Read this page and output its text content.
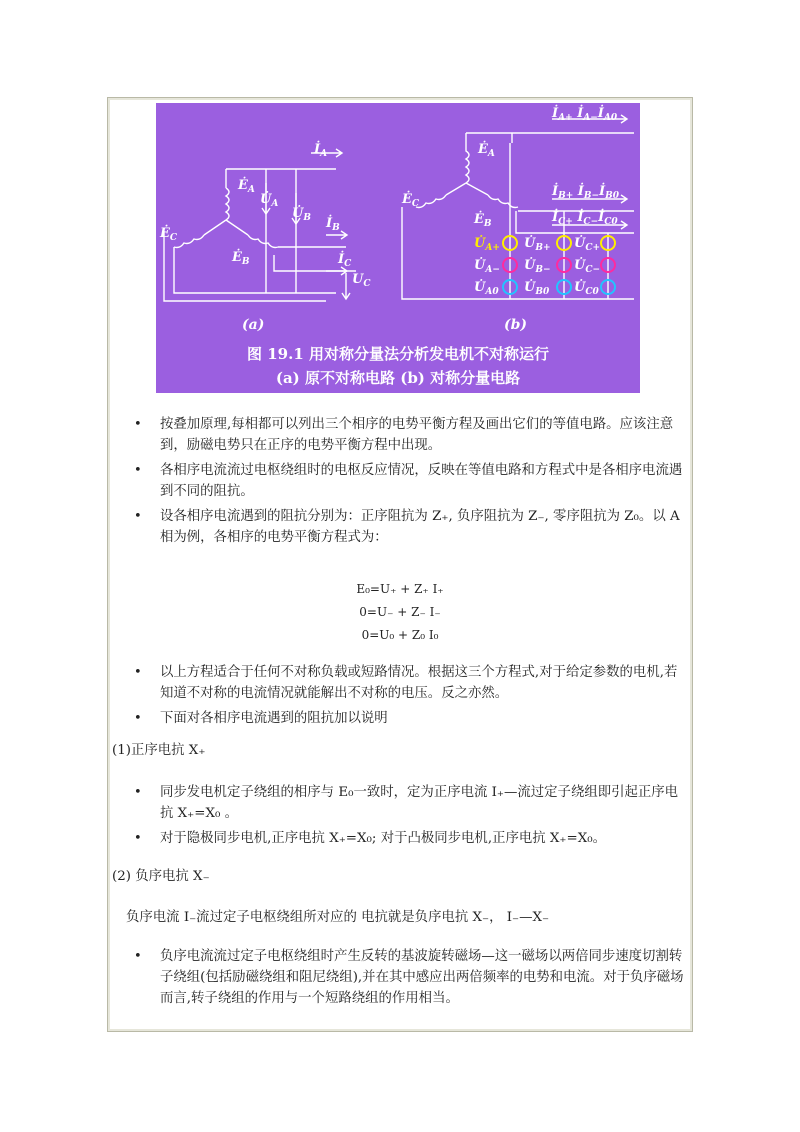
$Ė_A$
$U̇_A$
$U̇_B$
$İ_A$
$İ_B$
$Ė_C$
$Ė_B$	$İ_C$
$U_C$
$İ_{A+}$ $İ_{A-}İ_{A0}$
$İ_{B+}$ $İ_{B-}İ_{B0}$
$İ_{C+}$ $İ_{C-}İ_{C0}$
$Ė_A$
$Ė_C$
$Ė_B$
$U̇_{A+}$ $U̇_{B+}$ $U̇_{C+}$
$U̇_{A-}$ $U̇_{B-}$ $U̇_{C-}$
$U̇_{A0}$ $U̇_{B0}$ $U̇_{C0}$
(a)	(b)
图 19.1 用对称分量法分析发电机不对称运行
(a) 原不对称电路 (b) 对称分量电路
• 按叠加原理,每相都可以列出三个相序的电势平衡方程及画出它们的等值电路。应该注意到，励磁电势只在正序的电势平衡方程中出现。
• 各相序电流流过电枢绕组时的电枢反应情况，反映在等值电路和方程式中是各相序电流遇到不同的阻抗。
• 设各相序电流遇到的阻抗分别为：正序阻抗为 Z₊, 负序阻抗为 Z₋, 零序阻抗为 Z₀。以 A 相为例，各相序的电势平衡方程式为：
E₀=U₊ + Z₊ I₊
0=U₋ + Z₋ I₋
0=U₀ + Z₀ I₀
• 以上方程适合于任何不对称负载或短路情况。根据这三个方程式,对于给定参数的电机,若知道不对称的电流情况就能解出不对称的电压。反之亦然。
• 下面对各相序电流遇到的阻抗加以说明
(1)正序电抗 X₊
• 同步发电机定子绕组的相序与 E₀一致时，定为正序电流 I₊—流过定子绕组即引起正序电抗 X₊=X₀ 。
• 对于隐极同步电机,正序电抗 X₊=X₀; 对于凸极同步电机,正序电抗 X₊=X₀。
(2) 负序电抗 X₋
负序电流 I₋流过定子电枢绕组所对应的 电抗就是负序电抗 X₋， I₋—X₋
• 负序电流流过定子电枢绕组时产生反转的基波旋转磁场—这一磁场以两倍同步速度切割转子绕组(包括励磁绕组和阻尼绕组),并在其中感应出两倍频率的电势和电流。对于负序磁场而言,转子绕组的作用与一个短路绕组的作用相当。
